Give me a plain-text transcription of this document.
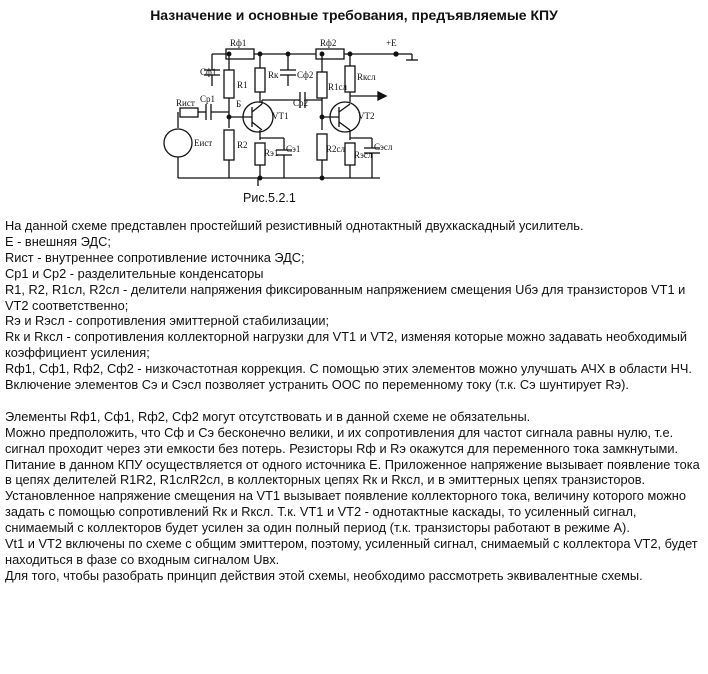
Назначение и основные требования, предъявляемые КПУ
Rф1	Rф2	+E
Cф1	Cф2
R1
Rк
R1сл
Rксл
Rист Cр1 Б	Cр2
VT1	VT2
Eист	R2
Rэ1 Cэ1	R2сл
Rэсл
Cэсл
Рис.5.2.1

На данной схеме представлен простейший резистивный однотактный двухкаскадный усилитель.

Е - внешняя ЭДС;

Rист - внутреннее сопротивление источника ЭДС;

Ср1 и Ср2 - разделительные конденсаторы

R1, R2, R1сл, R2сл - делители напряжения фиксированным напряжением смещения Uбэ для транзисторов VT1 и VT2 соответственно;

Rэ и Rэсл - сопротивления эмиттерной стабилизации;

Rк и Rксл - сопротивления коллекторной нагрузки для VT1 и VT2, изменяя которые можно задавать необходимый коэффициент усиления;

Rф1, Сф1, Rф2, Сф2 - низкочастотная коррекция. С помощью этих элементов можно улучшать АЧХ в области НЧ.

Включение элементов Сэ и Сэсл позволяет устранить ООС по переменному току (т.к. Сэ шунтирует Rэ).

Элементы Rф1, Сф1, Rф2, Сф2 могут отсутствовать и в данной схеме не обязательны.

Можно предположить, что Сф и Сэ бесконечно велики, и их сопротивления для частот сигнала равны нулю, т.е. сигнал проходит через эти емкости без потерь. Резисторы Rф и Rэ окажутся для переменного тока замкнутыми.

Питание в данном КПУ осуществляется от одного источника Е. Приложенное напряжение вызывает появление тока в цепях делителей R1R2, R1слR2сл, в коллекторных цепях Rк и Rксл, и в эмиттерных цепях транзисторов.

Установленное напряжение смещения на VT1 вызывает появление коллекторного тока, величину которого можно задать с помощью сопротивлений Rк и Rксл. Т.к. VT1 и VT2 - однотактные каскады, то усиленный сигнал, снимаемый с коллекторов будет усилен за один полный период (т.к. транзисторы работают в режиме А).

Vt1 и VT2 включены по схеме с общим эмиттером, поэтому, усиленный сигнал, снимаемый с коллектора VT2, будет находиться в фазе со входным сигналом Uвх.

Для того, чтобы разобрать принцип действия этой схемы, необходимо рассмотреть эквивалентные схемы.
